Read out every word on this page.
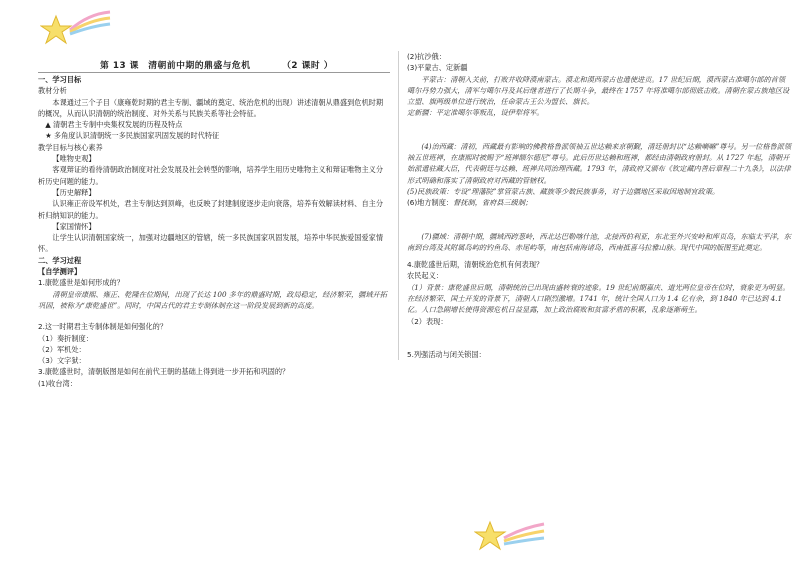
第 13 课　清朝前中期的鼎盛与危机	（2 课时 ）

一、学习目标

教材分析

本课通过三个子目（康雍乾时期的君主专制、疆域的奠定、统治危机的出现）讲述清朝从鼎盛到危机时期的概况，从而认识清朝的统治制度、对外关系与民族关系等社会特征。

▲ 清朝君主专制中央集权发展的历程及特点

★ 多角度认识清朝统一多民族国家巩固发展的时代特征

教学目标与核心素养

【唯物史观】

客观辩证的看待清朝政治制度对社会发展及社会转型的影响，培养学生用历史唯物主义和辩证唯物主义分析历史问题的能力。

【历史解释】

认识雍正帝设军机处，君主专制达到顶峰，也反映了封建制度逐步走向衰落，培养有效解读材料、自主分析归纳知识的能力。

【家国情怀】

让学生认识清朝国家统一，加强对边疆地区的管辖，统一多民族国家巩固发展，培养中华民族爱国爱家情怀。

二、学习过程

【自学测评】

1.康乾盛世是如何形成的？

清朝皇帝康熙、雍正、乾隆在位期间，出现了长达 100 多年的鼎盛时期，政局稳定，经济繁荣，疆域开拓巩固，被称为“康乾盛世”。同时，中国古代的君主专制体制在这一阶段发展到新的高度。

2.这一时期君主专制体制是如何强化的？

（1）奏折制度：

（2）军机处：

（3）文字狱：

3.康乾盛世时，清朝版图是如何在前代王朝的基础上得到进一步开拓和巩固的？

(1)收台湾：

(2)抗沙俄：

(3)平蒙古、定新疆

平蒙古：清朝入关前，打败并收降漠南蒙古。漠北和漠西蒙古也遣使进贡。17 世纪后期，漠西蒙古准噶尔部的首领噶尔丹势力强大，清军与噶尔丹及其后继者进行了长期斗争，最终在 1757 年将准噶尔部彻底击败。清朝在蒙古族地区设立盟、旗两级单位进行统治，任命蒙古王公为盟长、旗长。

定新疆：平定准噶尔等叛乱，设伊犁将军。

(4)治西藏：清初，西藏最有影响的佛教格鲁派领袖五世达赖来京朝觐，清廷册封以“达赖喇嘛”尊号。另一位格鲁派领袖五世班禅，在康熙时被赐予“班禅额尔德尼”尊号。此后历世达赖和班禅，都经由清朝政府册封。从 1727 年起，清朝开始派遣驻藏大臣，代表朝廷与达赖、班禅共同治理西藏。1793 年，清政府又颁布《钦定藏内善后章程二十九条》，以法律形式明确和落实了清朝政府对西藏的管辖权。

(5)民族政策：专设“理藩院”掌管蒙古族、藏族等少数民族事务，对于边疆地区采取因地制宜政策。

(6)地方制度：督抚制，省府县三级制；

(7)疆域：清朝中期，疆域西跨葱岭，西北达巴勒喀什池，北接西伯利亚，东北至外兴安岭和库页岛，东临太平洋，东南到台湾及其附属岛屿的钓鱼岛、赤尾屿等，南包括南海诸岛，西南抵喜马拉雅山脉。现代中国的版图至此奠定。

4.康乾盛世后期，清朝统治危机有何表现？

农民起义：

（1）背景：康乾盛世后期，清朝统治已出现由盛转衰的迹象。19 世纪前期嘉庆、道光两位皇帝在位时，衰象更为明显。在经济繁荣、国土开发的背景下，清朝人口剧烈激增。1741 年，统计全国人口为 1.4 亿有余，到 1840 年已达到 4.1 亿。人口急剧增长使得资源危机日益显露，加上政治腐败和贫富矛盾的积累，乱象逐渐萌生。

（2）表现：

5.列强活动与闭关锁国：
